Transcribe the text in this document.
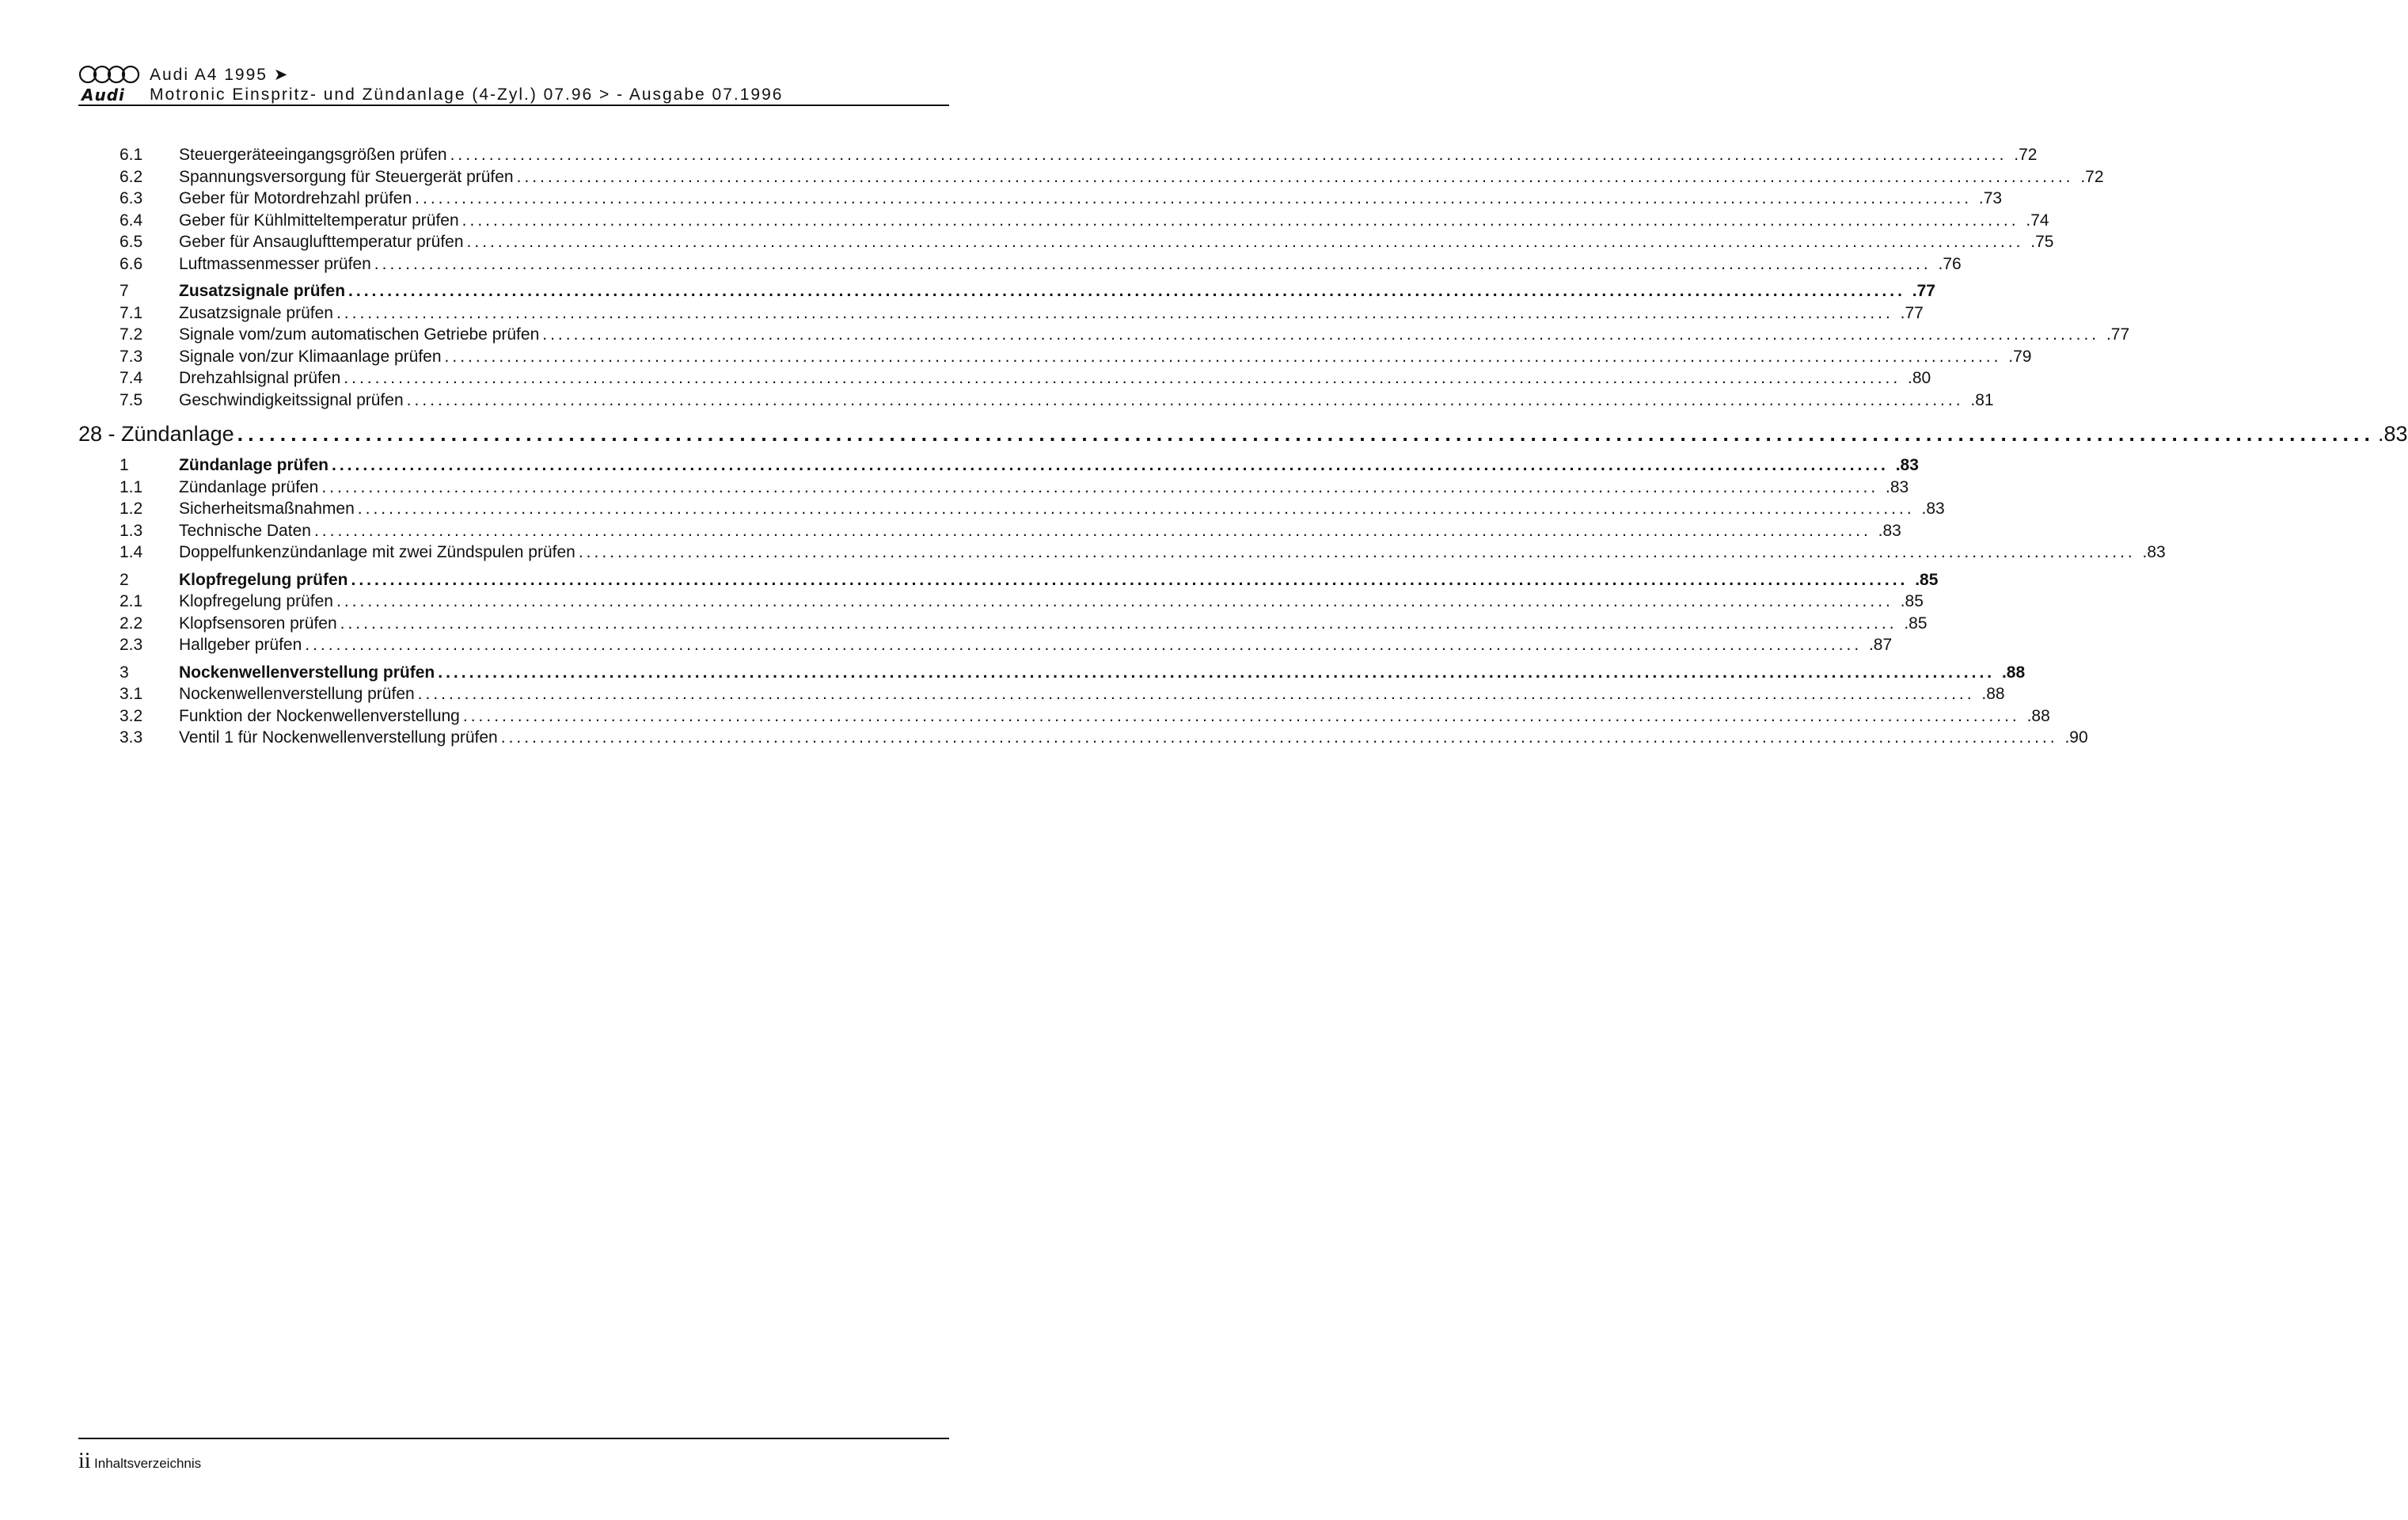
Audi
Audi A4 1995 ➤
Motronic Einspritz- und Zündanlage (4-Zyl.) 07.96 > - Ausgabe 07.1996
6.1	Steuergeräteeingangsgrößen prüfen ........................................................................................................................................................................................................ .72
6.2	Spannungsversorgung für Steuergerät prüfen ........................................................................................................................................................................................................ .72
6.3	Geber für Motordrehzahl prüfen ........................................................................................................................................................................................................ .73
6.4	Geber für Kühlmitteltemperatur prüfen ........................................................................................................................................................................................................ .74
6.5	Geber für Ansauglufttemperatur prüfen ........................................................................................................................................................................................................ .75
6.6	Luftmassenmesser prüfen ........................................................................................................................................................................................................ .76
7	Zusatzsignale prüfen ........................................................................................................................................................................................................ .77
7.1	Zusatzsignale prüfen ........................................................................................................................................................................................................ .77
7.2	Signale vom/zum automatischen Getriebe prüfen ........................................................................................................................................................................................................ .77
7.3	Signale von/zur Klimaanlage prüfen ........................................................................................................................................................................................................ .79
7.4	Drehzahlsignal prüfen ........................................................................................................................................................................................................ .80
7.5	Geschwindigkeitssignal prüfen ........................................................................................................................................................................................................ .81
28 - Zündanlage ........................................................................................................................................................................................................ .83
1	Zündanlage prüfen ........................................................................................................................................................................................................ .83
1.1	Zündanlage prüfen ........................................................................................................................................................................................................ .83
1.2	Sicherheitsmaßnahmen ........................................................................................................................................................................................................ .83
1.3	Technische Daten ........................................................................................................................................................................................................ .83
1.4	Doppelfunkenzündanlage mit zwei Zündspulen prüfen ........................................................................................................................................................................................................ .83
2	Klopfregelung prüfen ........................................................................................................................................................................................................ .85
2.1	Klopfregelung prüfen ........................................................................................................................................................................................................ .85
2.2	Klopfsensoren prüfen ........................................................................................................................................................................................................ .85
2.3	Hallgeber prüfen ........................................................................................................................................................................................................ .87
3	Nockenwellenverstellung prüfen ........................................................................................................................................................................................................ .88
3.1	Nockenwellenverstellung prüfen ........................................................................................................................................................................................................ .88
3.2	Funktion der Nockenwellenverstellung ........................................................................................................................................................................................................ .88
3.3	Ventil 1 für Nockenwellenverstellung prüfen ........................................................................................................................................................................................................ .90
ii Inhaltsverzeichnis
